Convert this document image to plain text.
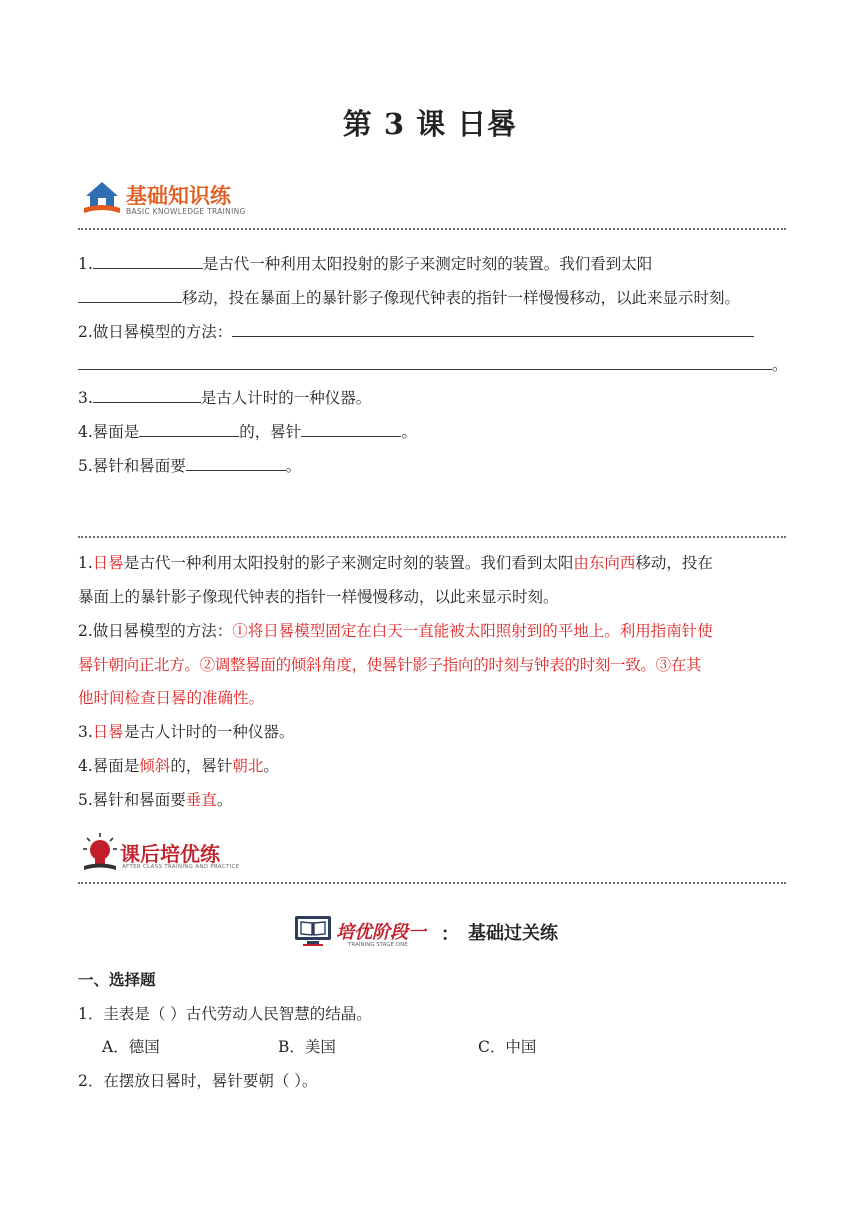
第 3 课 日晷
基础知识练
BASIC KNOWLEDGE TRAINING
1.	是古代一种利用太阳投射的影子来测定时刻的装置。我们看到太阳
移动，投在暴面上的暴针影子像现代钟表的指针一样慢慢移动，以此来显示时刻。
2.做日晷模型的方法：
。
3.	是古人计时的一种仪器。
4.晷面是	的，晷针	。
5.晷针和晷面要	。
1.日晷是古代一种利用太阳投射的影子来测定时刻的装置。我们看到太阳由东向西移动，投在
暴面上的暴针影子像现代钟表的指针一样慢慢移动，以此来显示时刻。
2.做日晷模型的方法：①将日晷模型固定在白天一直能被太阳照射到的平地上。利用指南针使
晷针朝向正北方。②调整晷面的倾斜角度，使晷针影子指向的时刻与钟表的时刻一致。③在其
他时间检查日晷的准确性。
3.日晷是古人计时的一种仪器。
4.晷面是倾斜的，晷针朝北。
5.晷针和晷面要垂直。
课后培优练
AFTER CLASS TRAINING AND PRACTICE
培优阶段一
TRAINING STAGE ONE ： 基础过关练
一、选择题
1．圭表是（ ）古代劳动人民智慧的结晶。
A．德国	B．美国	C．中国
2．在摆放日晷时，晷针要朝（ ）。
